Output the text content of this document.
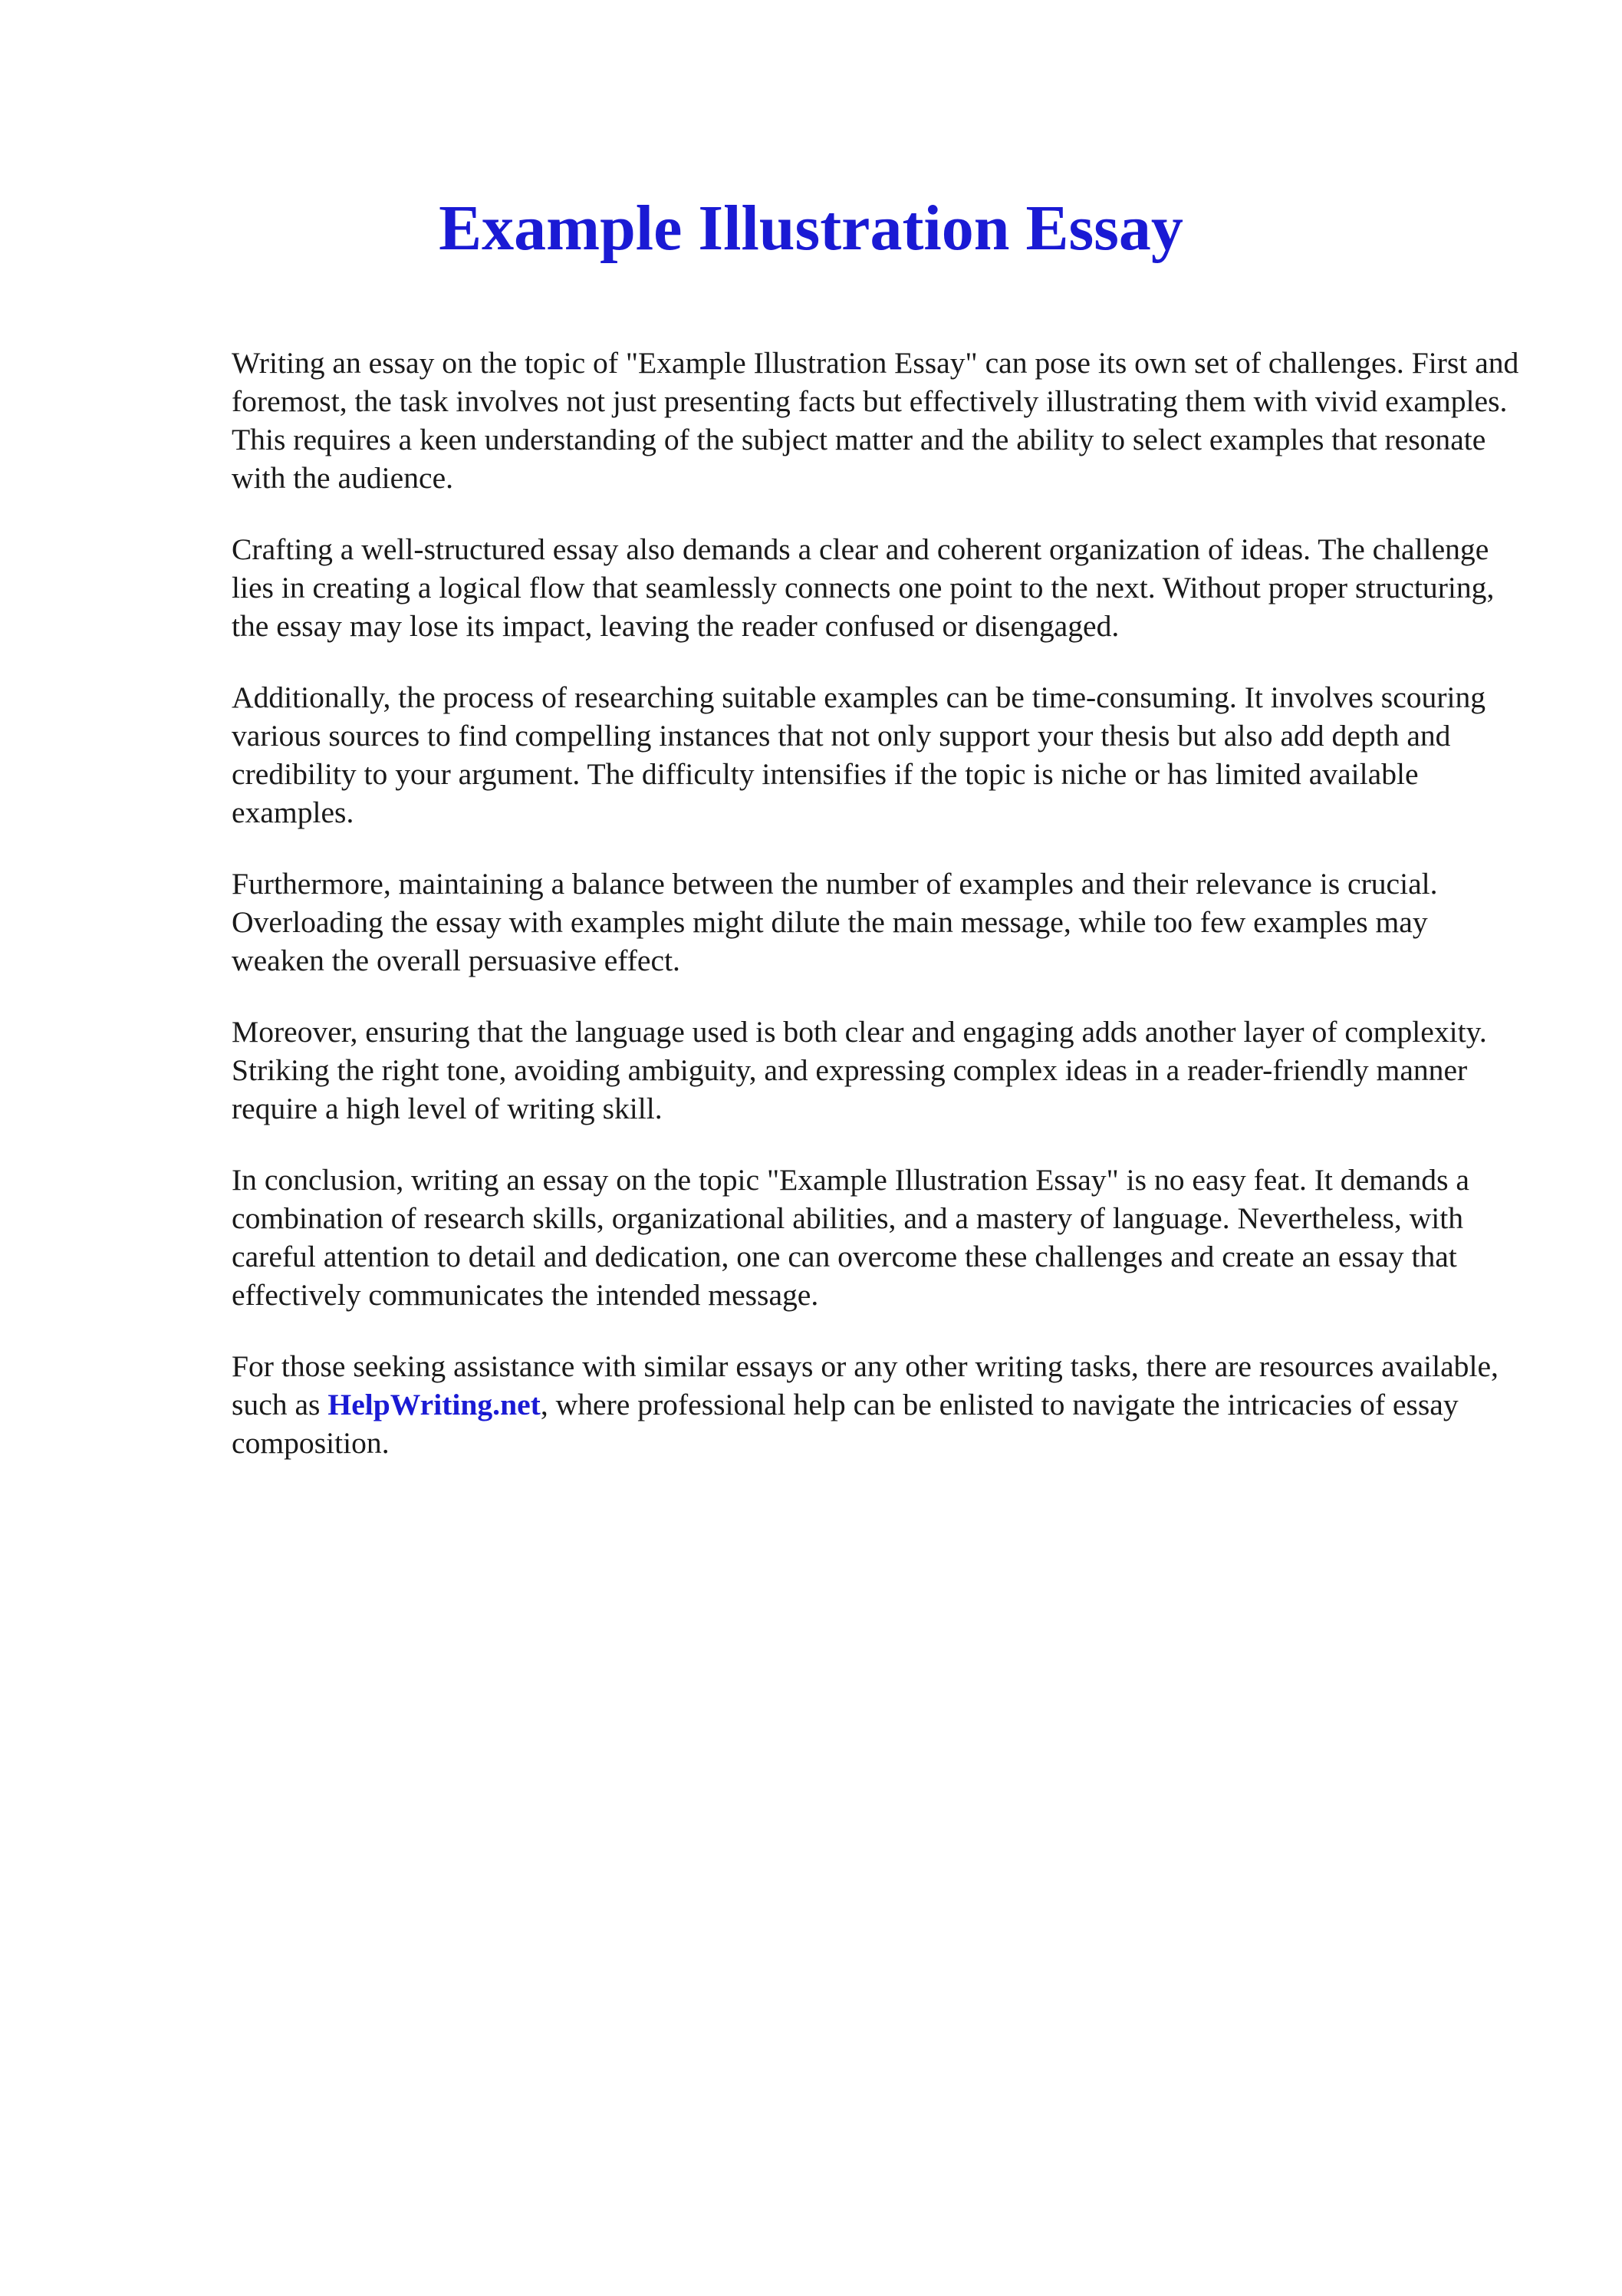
Example Illustration Essay

Writing an essay on the topic of "Example Illustration Essay" can pose its own set of challenges. First and foremost, the task involves not just presenting facts but effectively illustrating them with vivid examples. This requires a keen understanding of the subject matter and the ability to select examples that resonate with the audience.

Crafting a well-structured essay also demands a clear and coherent organization of ideas. The challenge lies in creating a logical flow that seamlessly connects one point to the next. Without proper structuring, the essay may lose its impact, leaving the reader confused or disengaged.

Additionally, the process of researching suitable examples can be time-consuming. It involves scouring various sources to find compelling instances that not only support your thesis but also add depth and credibility to your argument. The difficulty intensifies if the topic is niche or has limited available examples.

Furthermore, maintaining a balance between the number of examples and their relevance is crucial. Overloading the essay with examples might dilute the main message, while too few examples may weaken the overall persuasive effect.

Moreover, ensuring that the language used is both clear and engaging adds another layer of complexity. Striking the right tone, avoiding ambiguity, and expressing complex ideas in a reader-friendly manner require a high level of writing skill.

In conclusion, writing an essay on the topic "Example Illustration Essay" is no easy feat. It demands a combination of research skills, organizational abilities, and a mastery of language. Nevertheless, with careful attention to detail and dedication, one can overcome these challenges and create an essay that effectively communicates the intended message.

For those seeking assistance with similar essays or any other writing tasks, there are resources available, such as HelpWriting.net, where professional help can be enlisted to navigate the intricacies of essay composition.
